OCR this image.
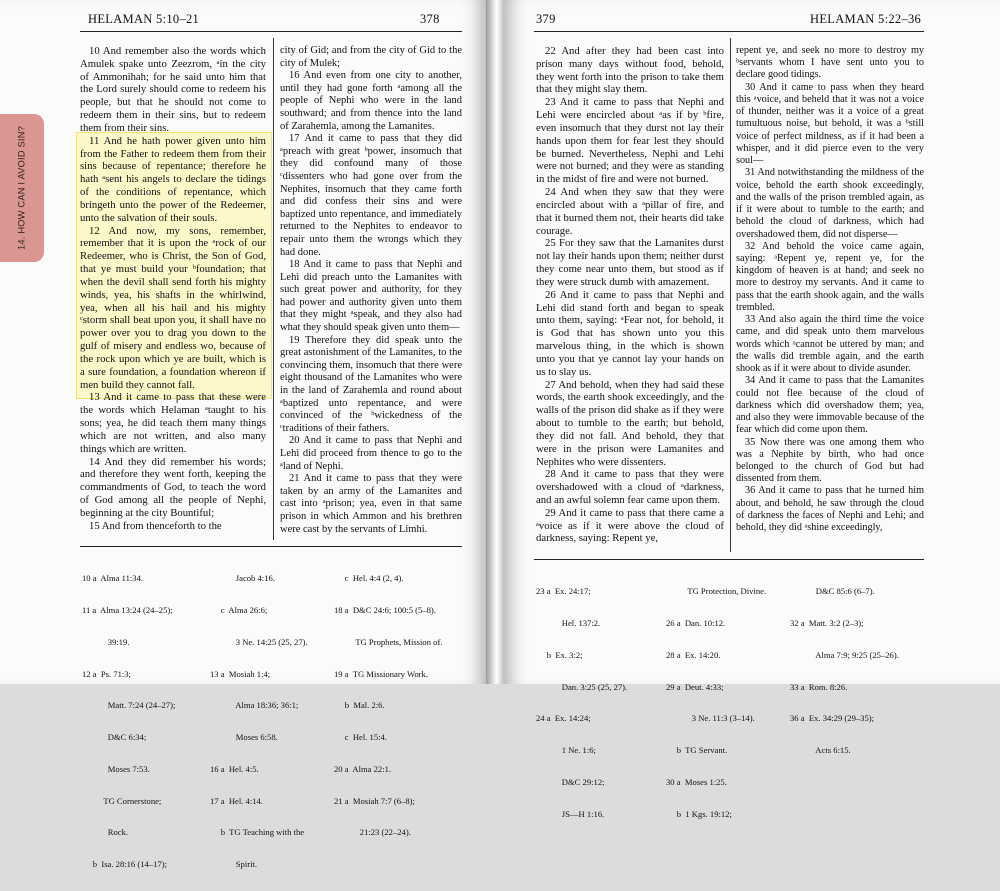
HELAMAN 5:10–21	378

10 And remember also the words which Amulek spake unto Zeezrom, ᵃin the city of Ammonihah; for he said unto him that the Lord surely should come to redeem his people, but that he should not come to redeem them in their sins, but to redeem them from their sins.

11 And he hath power given unto him from the Father to redeem them from their sins because of repentance; therefore he hath ᵃsent his angels to declare the tidings of the conditions of repentance, which bringeth unto the power of the Redeemer, unto the salvation of their souls.

12 And now, my sons, remember, remember that it is upon the ᵃrock of our Redeemer, who is Christ, the Son of God, that ye must build your ᵇfoundation; that when the devil shall send forth his mighty winds, yea, his shafts in the whirlwind, yea, when all his hail and his mighty ᶜstorm shall beat upon you, it shall have no power over you to drag you down to the gulf of misery and endless wo, because of the rock upon which ye are built, which is a sure foundation, a foundation whereon if men build they cannot fall.

13 And it came to pass that these were the words which Helaman ᵃtaught to his sons; yea, he did teach them many things which are not written, and also many things which are written.

14 And they did remember his words; and therefore they went forth, keeping the commandments of God, to teach the word of God among all the people of Nephi, beginning at the city Bountiful;

15 And from thenceforth to the

city of Gid; and from the city of Gid to the city of Mulek;

16 And even from one city to another, until they had gone forth ᵃamong all the people of Nephi who were in the land southward; and from thence into the land of Zarahemla, among the Lamanites.

17 And it came to pass that they did ᵃpreach with great ᵇpower, insomuch that they did confound many of those ᶜdissenters who had gone over from the Nephites, insomuch that they came forth and did confess their sins and were baptized unto repentance, and immediately returned to the Nephites to endeavor to repair unto them the wrongs which they had done.

18 And it came to pass that Nephi and Lehi did preach unto the Lamanites with such great power and authority, for they had power and authority given unto them that they might ᵃspeak, and they also had what they should speak given unto them—

19 Therefore they did speak unto the great astonishment of the Lamanites, to the convincing them, insomuch that there were eight thousand of the Lamanites who were in the land of Zarahemla and round about ᵃbaptized unto repentance, and were convinced of the ᵇwickedness of the ᶜtraditions of their fathers.

20 And it came to pass that Nephi and Lehi did proceed from thence to go to the ᵃland of Nephi.

21 And it came to pass that they were taken by an army of the Lamanites and cast into ᵃprison; yea, even in that same prison in which Ammon and his brethren were cast by the servants of Limhi.

10 a  Alma 11:34.

11 a  Alma 13:24 (24–25);

39:19.

12 a  Ps. 71:3;

Matt. 7:24 (24–27);

D&C 6:34;

Moses 7:53.

TG Cornerstone;

Rock.

b  Isa. 28:16 (14–17);

Jacob 4:16.

c  Alma 26:6;

3 Ne. 14:25 (25, 27).

13 a  Mosiah 1:4;

Alma 18:36; 36:1;

Moses 6:58.

16 a  Hel. 4:5.

17 a  Hel. 4:14.

b  TG Teaching with the

Spirit.

c  Hel. 4:4 (2, 4).

18 a  D&C 24:6; 100:5 (5–8).

TG Prophets, Mission of.

19 a  TG Missionary Work.

b  Mal. 2:6.

c  Hel. 15:4.

20 a  Alma 22:1.

21 a  Mosiah 7:7 (6–8);

21:23 (22–24).

14. HOW CAN I AVOID SIN?
379	HELAMAN 5:22–36

22 And after they had been cast into prison many days without food, behold, they went forth into the prison to take them that they might slay them.

23 And it came to pass that Nephi and Lehi were encircled about ᵃas if by ᵇfire, even insomuch that they durst not lay their hands upon them for fear lest they should be burned. Nevertheless, Nephi and Lehi were not burned; and they were as standing in the midst of fire and were not burned.

24 And when they saw that they were encircled about with a ᵃpillar of fire, and that it burned them not, their hearts did take courage.

25 For they saw that the Lamanites durst not lay their hands upon them; neither durst they come near unto them, but stood as if they were struck dumb with amazement.

26 And it came to pass that Nephi and Lehi did stand forth and began to speak unto them, saying: ᵃFear not, for behold, it is God that has shown unto you this marvelous thing, in the which is shown unto you that ye cannot lay your hands on us to slay us.

27 And behold, when they had said these words, the earth shook exceedingly, and the walls of the prison did shake as if they were about to tumble to the earth; but behold, they did not fall. And behold, they that were in the prison were Lamanites and Nephites who were dissenters.

28 And it came to pass that they were overshadowed with a cloud of ᵃdarkness, and an awful solemn fear came upon them.

29 And it came to pass that there came a ᵃvoice as if it were above the cloud of darkness, saying: Repent ye,

repent ye, and seek no more to destroy my ᵇservants whom I have sent unto you to declare good tidings.

30 And it came to pass when they heard this ᵃvoice, and beheld that it was not a voice of thunder, neither was it a voice of a great tumultuous noise, but behold, it was a ᵇstill voice of perfect mildness, as if it had been a whisper, and it did pierce even to the very soul—

31 And notwithstanding the mildness of the voice, behold the earth shook exceedingly, and the walls of the prison trembled again, as if it were about to tumble to the earth; and behold the cloud of darkness, which had overshadowed them, did not disperse—

32 And behold the voice came again, saying: ᵃRepent ye, repent ye, for the kingdom of heaven is at hand; and seek no more to destroy my servants. And it came to pass that the earth shook again, and the walls trembled.

33 And also again the third time the voice came, and did speak unto them marvelous words which ᵃcannot be uttered by man; and the walls did tremble again, and the earth shook as if it were about to divide asunder.

34 And it came to pass that the Lamanites could not flee because of the cloud of darkness which did overshadow them; yea, and also they were immovable because of the fear which did come upon them.

35 Now there was one among them who was a Nephite by birth, who had once belonged to the church of God but had dissented from them.

36 And it came to pass that he turned him about, and behold, he saw through the cloud of darkness the faces of Nephi and Lehi; and behold, they did ᵃshine exceedingly,

23 a  Ex. 24:17;

Hel. 137:2.

b  Ex. 3:2;

Dan. 3:25 (25, 27).

24 a  Ex. 14:24;

1 Ne. 1:6;

D&C 29:12;

JS—H 1:16.

TG Protection, Divine.

26 a  Dan. 10:12.

28 a  Ex. 14:20.

29 a  Deut. 4:33;

3 Ne. 11:3 (3–14).

b  TG Servant.

30 a  Moses 1:25.

b  1 Kgs. 19:12;

D&C 85:6 (6–7).

32 a  Matt. 3:2 (2–3);

Alma 7:9; 9:25 (25–26).

33 a  Rom. 8:26.

36 a  Ex. 34:29 (29–35);

Acts 6:15.
